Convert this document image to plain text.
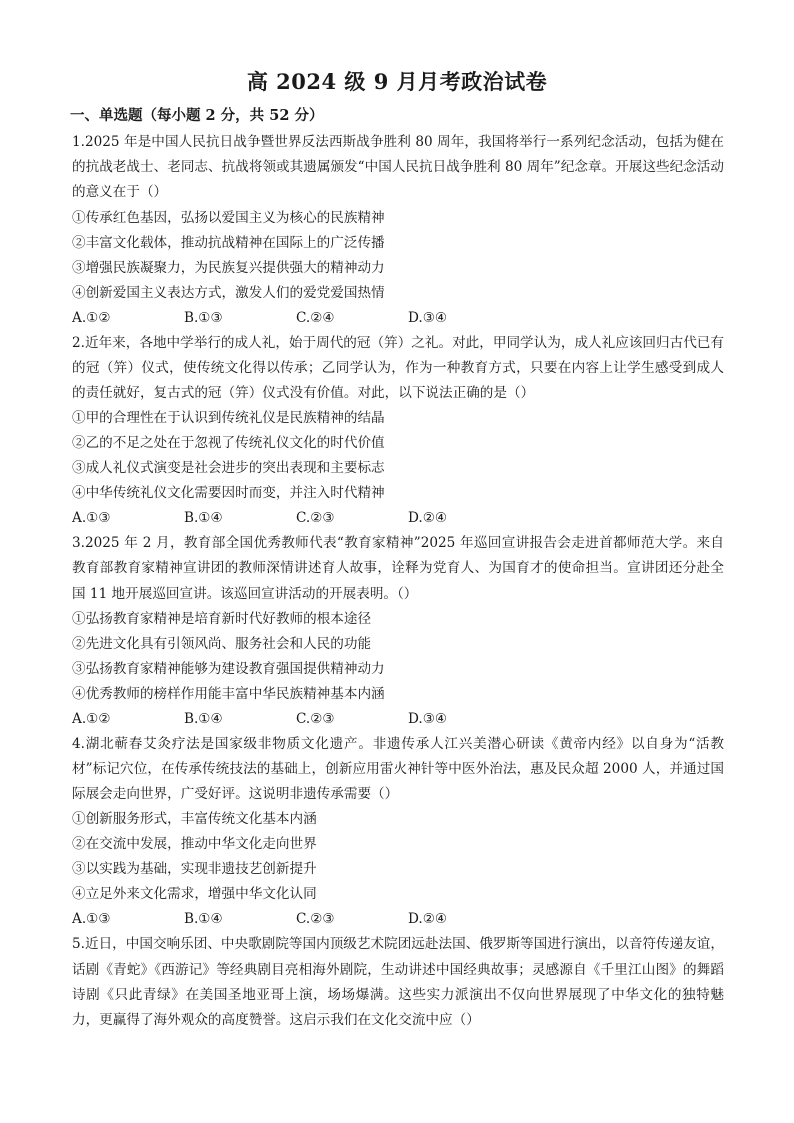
高 2024 级 9 月月考政治试卷
一、单选题（每小题 2 分，共 52 分）

1.2025 年是中国人民抗日战争暨世界反法西斯战争胜利 80 周年，我国将举行一系列纪念活动，包括为健在的抗战老战士、老同志、抗战将领或其遗属颁发“中国人民抗日战争胜利 80 周年”纪念章。开展这些纪念活动的意义在于（）

①传承红色基因，弘扬以爱国主义为核心的民族精神

②丰富文化载体，推动抗战精神在国际上的广泛传播

③增强民族凝聚力，为民族复兴提供强大的精神动力

④创新爱国主义表达方式，激发人们的爱党爱国热情

A.①②	B.①③	C.②④	D.③④

2.近年来，各地中学举行的成人礼，始于周代的冠（笄）之礼。对此，甲同学认为，成人礼应该回归古代已有的冠（笄）仪式，使传统文化得以传承；乙同学认为，作为一种教育方式，只要在内容上让学生感受到成人的责任就好，复古式的冠（笄）仪式没有价值。对此，以下说法正确的是（）

①甲的合理性在于认识到传统礼仪是民族精神的结晶

②乙的不足之处在于忽视了传统礼仪文化的时代价值

③成人礼仪式演变是社会进步的突出表现和主要标志

④中华传统礼仪文化需要因时而变，并注入时代精神

A.①③	B.①④	C.②③	D.②④

3.2025 年 2 月，教育部全国优秀教师代表“教育家精神”2025 年巡回宣讲报告会走进首都师范大学。来自教育部教育家精神宣讲团的教师深情讲述育人故事，诠释为党育人、为国育才的使命担当。宣讲团还分赴全国 11 地开展巡回宣讲。该巡回宣讲活动的开展表明。（）

①弘扬教育家精神是培育新时代好教师的根本途径

②先进文化具有引领风尚、服务社会和人民的功能

③弘扬教育家精神能够为建设教育强国提供精神动力

④优秀教师的榜样作用能丰富中华民族精神基本内涵

A.①②	B.①④	C.②③	D.③④

4.湖北蕲春艾灸疗法是国家级非物质文化遗产。非遗传承人江兴美潜心研读《黄帝内经》以自身为“活教材”标记穴位，在传承传统技法的基础上，创新应用雷火神针等中医外治法，惠及民众超 2000 人，并通过国际展会走向世界，广受好评。这说明非遗传承需要（）

①创新服务形式，丰富传统文化基本内涵

②在交流中发展，推动中华文化走向世界

③以实践为基础，实现非遗技艺创新提升

④立足外来文化需求，增强中华文化认同

A.①③	B.①④	C.②③	D.②④

5.近日，中国交响乐团、中央歌剧院等国内顶级艺术院团远赴法国、俄罗斯等国进行演出，以音符传递友谊，话剧《青蛇》《西游记》等经典剧目亮相海外剧院，生动讲述中国经典故事；灵感源自《千里江山图》的舞蹈诗剧《只此青绿》在美国圣地亚哥上演，场场爆满。这些实力派演出不仅向世界展现了中华文化的独特魅力，更赢得了海外观众的高度赞誉。这启示我们在文化交流中应（）
